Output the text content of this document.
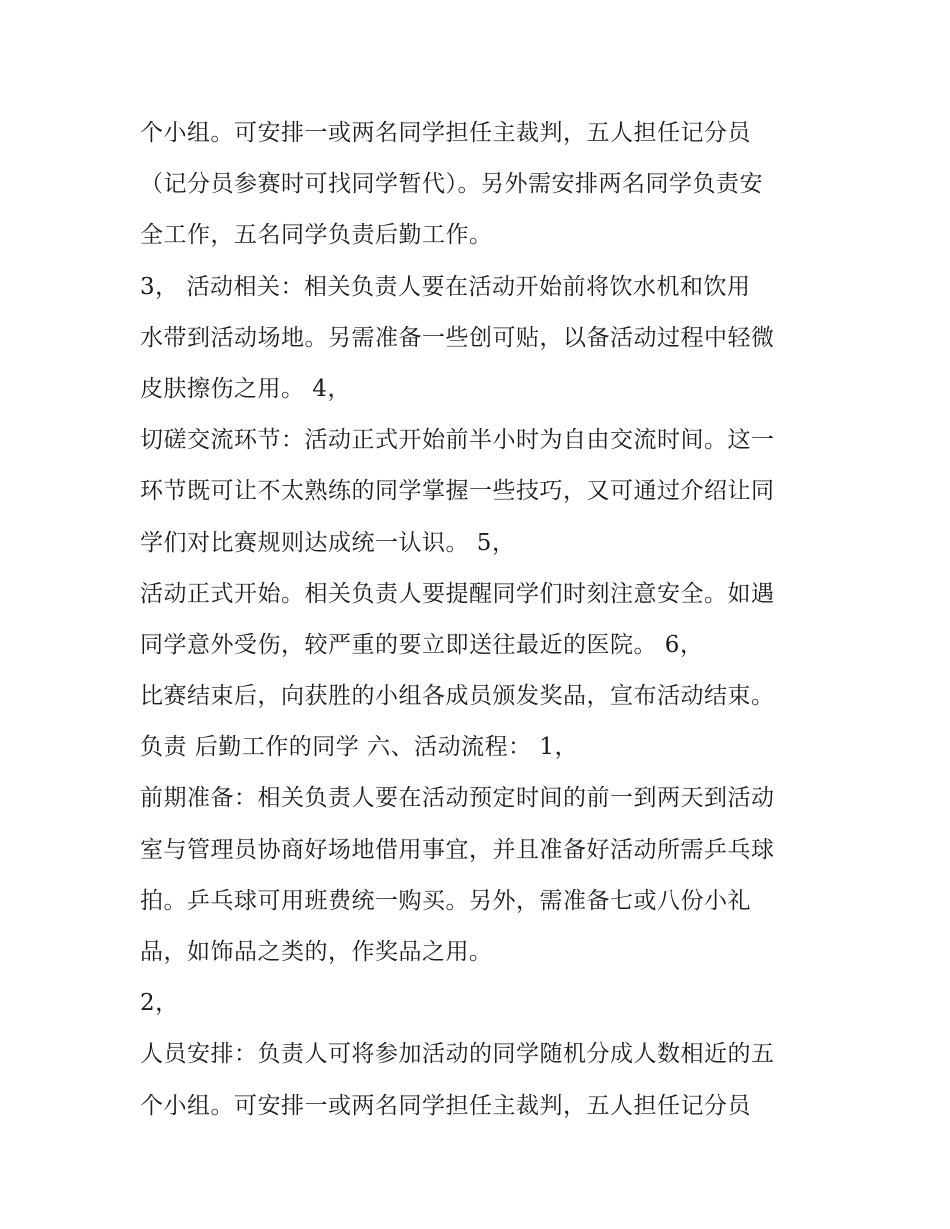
个小组。可安排一或两名同学担任主裁判，五人担任记分员
（记分员参赛时可找同学暂代）。另外需安排两名同学负责安
全工作，五名同学负责后勤工作。
3， 活动相关：相关负责人要在活动开始前将饮水机和饮用
水带到活动场地。另需准备一些创可贴，以备活动过程中轻微
皮肤擦伤之用。 4，
切磋交流环节：活动正式开始前半小时为自由交流时间。这一
环节既可让不太熟练的同学掌握一些技巧，又可通过介绍让同
学们对比赛规则达成统一认识。 5，
活动正式开始。相关负责人要提醒同学们时刻注意安全。如遇
同学意外受伤，较严重的要立即送往最近的医院。 6，
比赛结束后，向获胜的小组各成员颁发奖品，宣布活动结束。
负责 后勤工作的同学 六、活动流程： 1，
前期准备：相关负责人要在活动预定时间的前一到两天到活动
室与管理员协商好场地借用事宜，并且准备好活动所需乒乓球
拍。乒乓球可用班费统一购买。另外，需准备七或八份小礼
品，如饰品之类的，作奖品之用。
2，
人员安排：负责人可将参加活动的同学随机分成人数相近的五
个小组。可安排一或两名同学担任主裁判，五人担任记分员
